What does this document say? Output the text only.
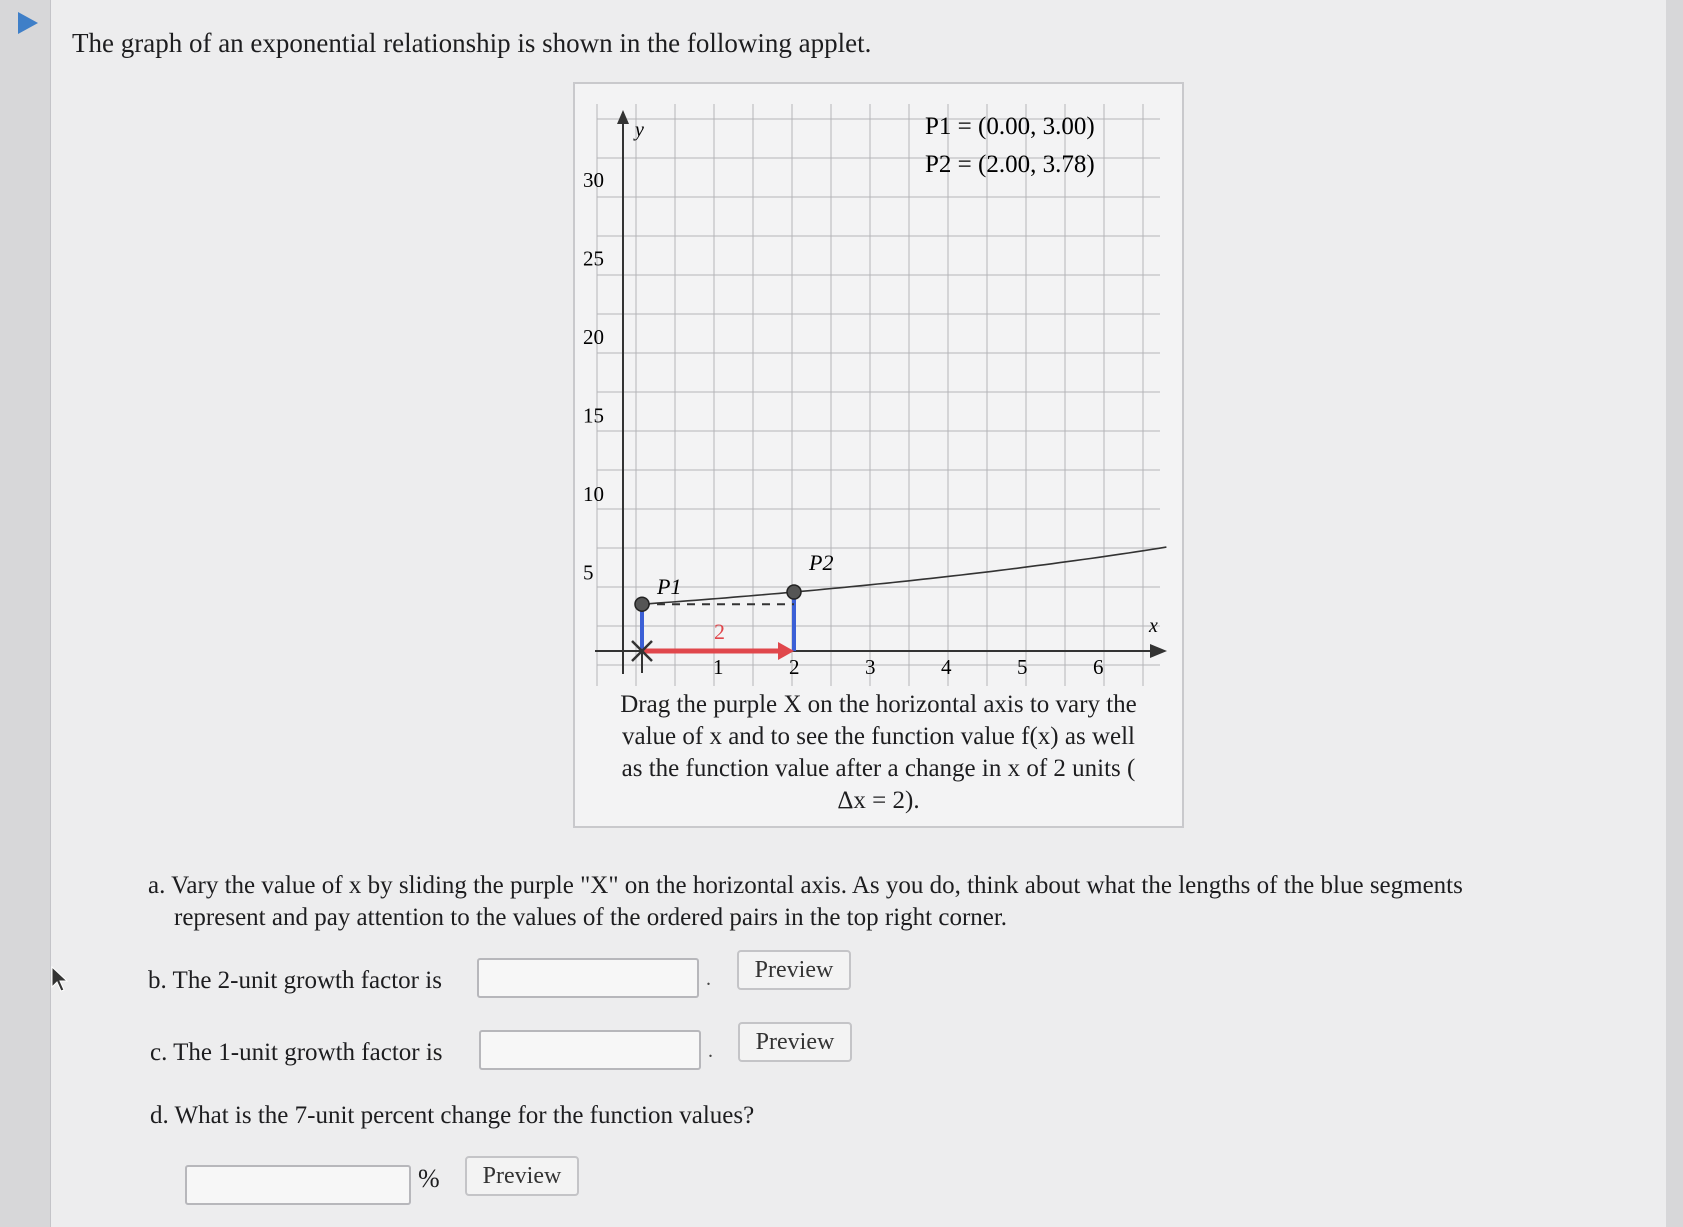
The graph of an exponential relationship is shown in the following applet.
y
x
30
25
20
15
10
5
1	2	3	4	5	6
2
P1
P2
P1 = (0.00, 3.00)
P2 = (2.00, 3.78)
Drag the purple X on the horizontal axis to vary the
value of x and to see the function value f(x) as well
as the function value after a change in x of 2 units (
Δx = 2).
a. Vary the value of x by sliding the purple "X" on the horizontal axis. As you do, think about what the lengths of the blue segments
represent and pay attention to the values of the ordered pairs in the top right corner.
b. The 2-unit growth factor is	.	Preview
c. The 1-unit growth factor is	.	Preview
d. What is the 7-unit percent change for the function values?
%	Preview
